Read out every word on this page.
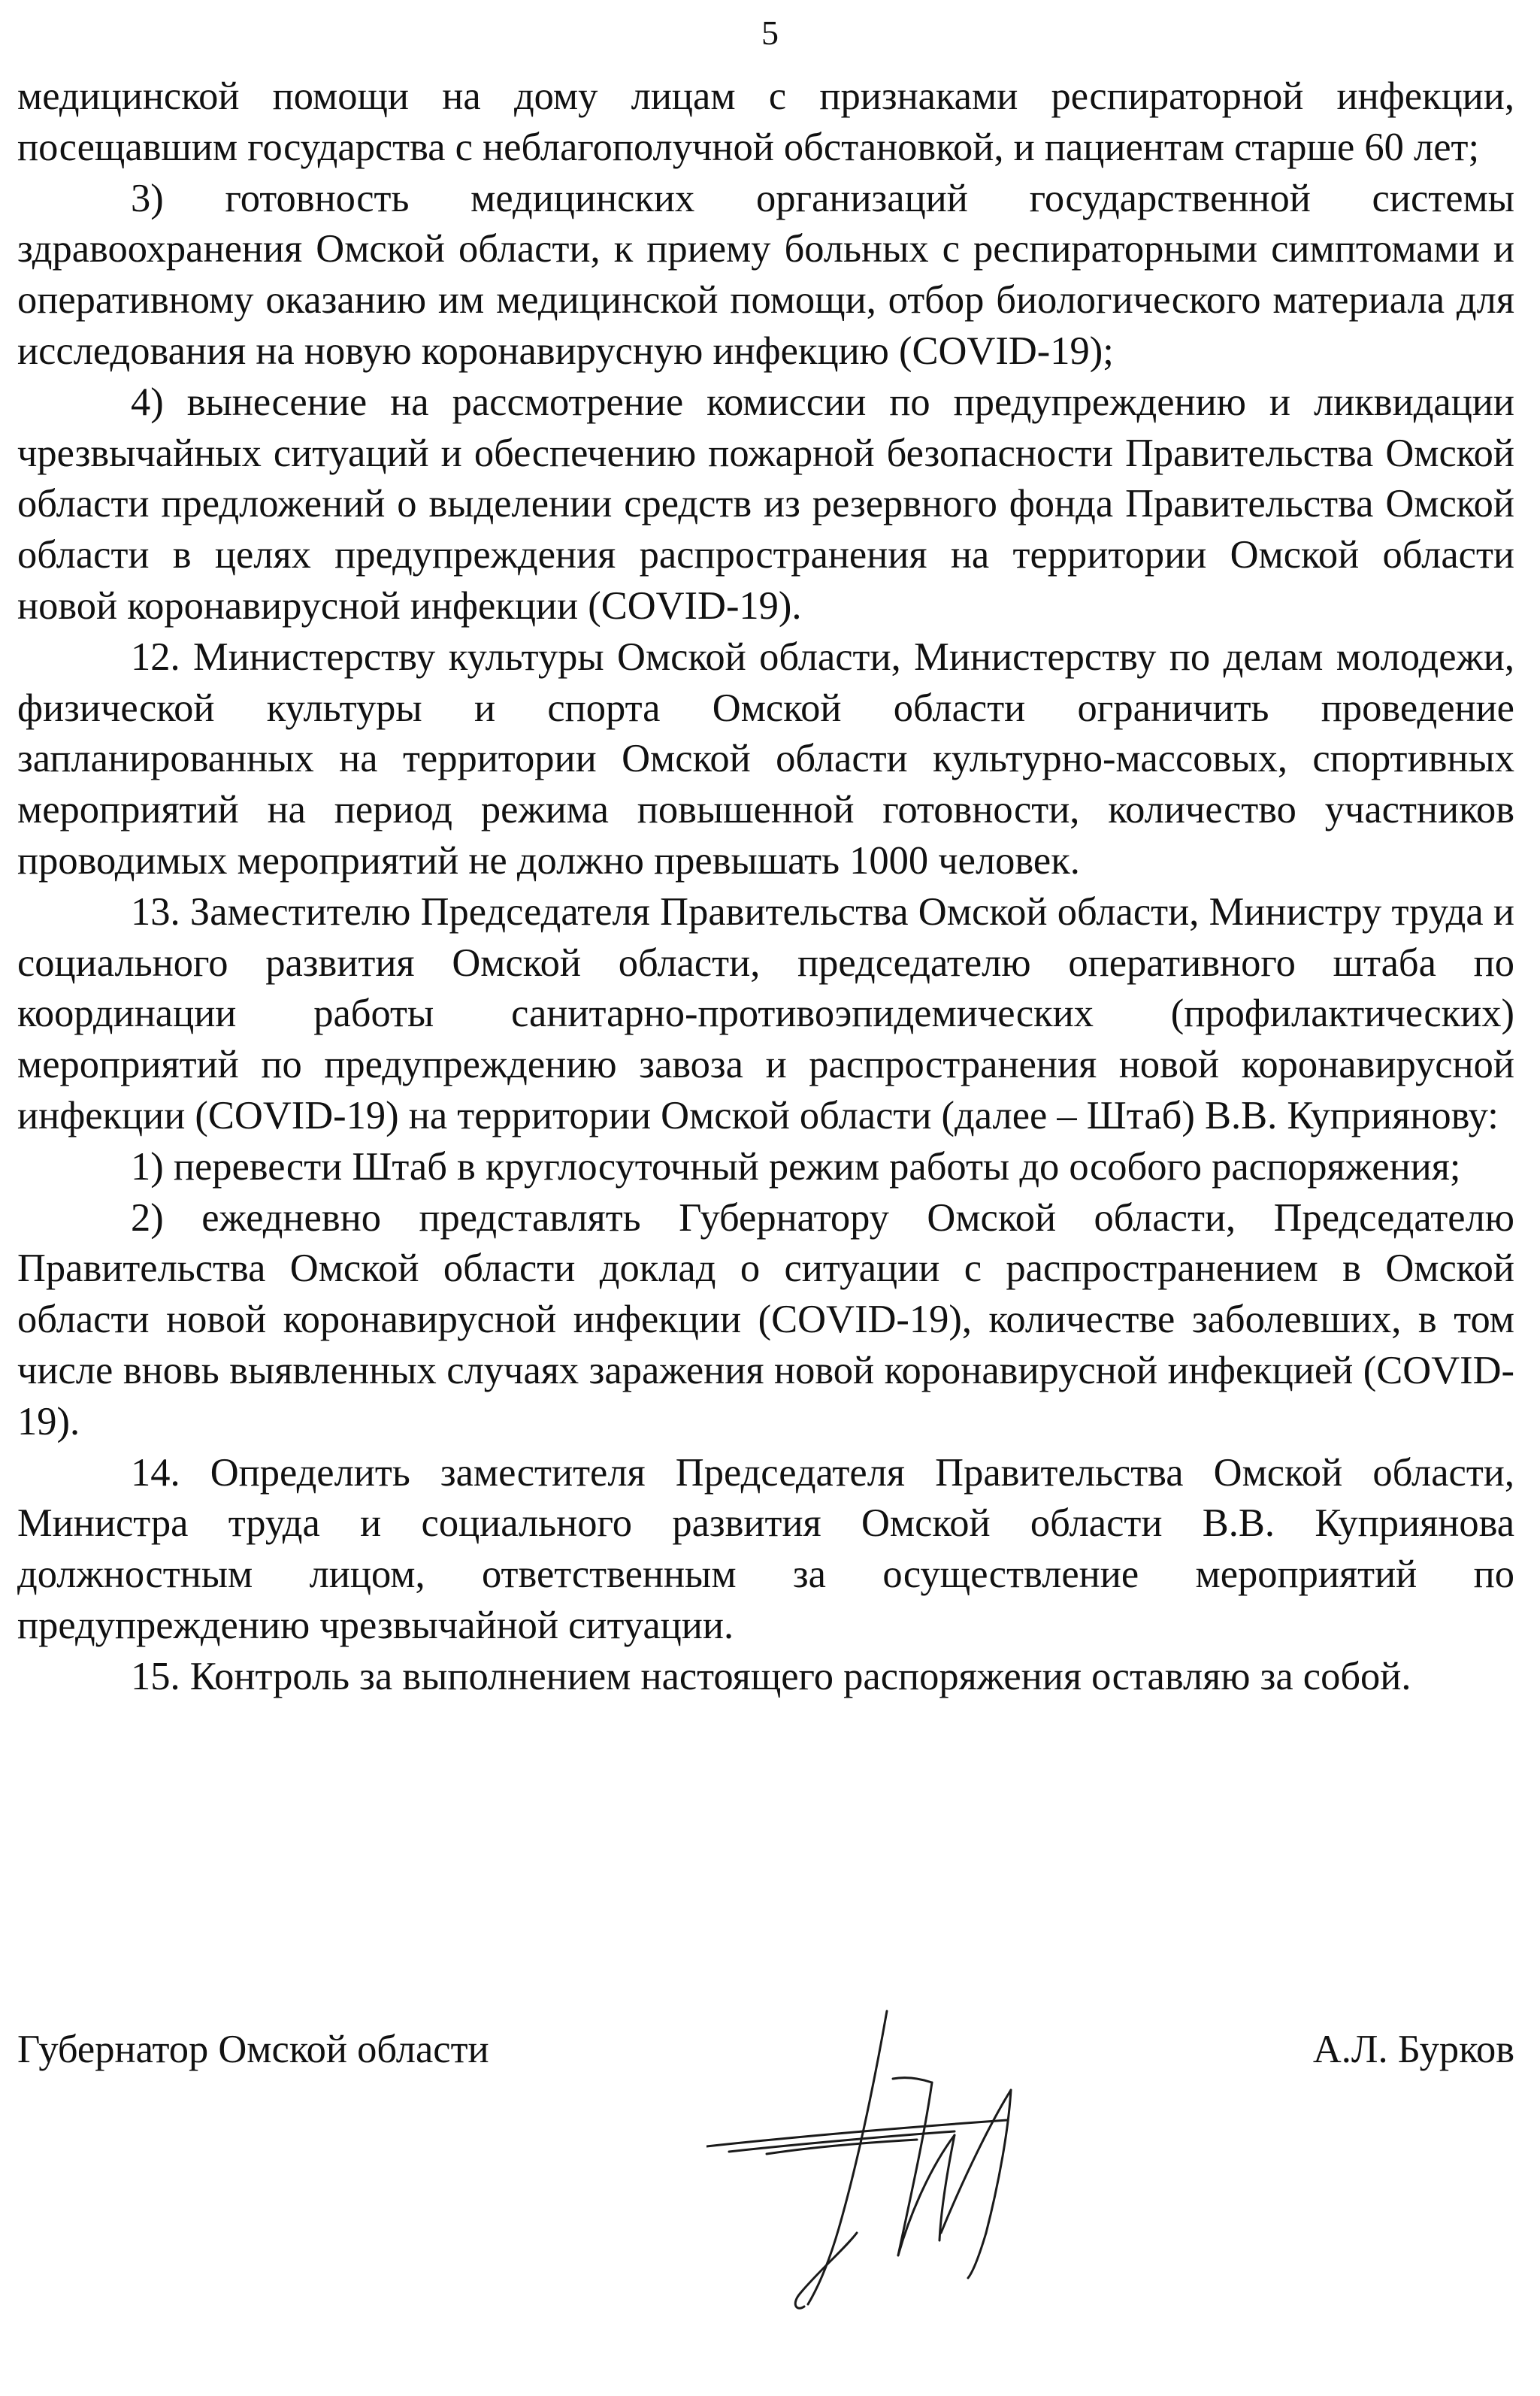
5

медицинской помощи на дому лицам с признаками респираторной инфекции, посещавшим государства с неблагополучной обстановкой, и пациентам старше 60 лет;

3) готовность медицинских организаций государственной системы здравоохранения Омской области, к приему больных с респираторными симптомами и оперативному оказанию им медицинской помощи, отбор биологического материала для исследования на новую коронавирусную инфекцию (COVID-19);

4) вынесение на рассмотрение комиссии по предупреждению и ликвидации чрезвычайных ситуаций и обеспечению пожарной безопасности Правительства Омской области предложений о выделении средств из резервного фонда Правительства Омской области в целях предупреждения распространения на территории Омской области новой коронавирусной инфекции (COVID-19).

12. Министерству культуры Омской области, Министерству по делам молодежи, физической культуры и спорта Омской области ограничить проведение запланированных на территории Омской области культурно-массовых, спортивных мероприятий на период режима повышенной готовности, количество участников проводимых мероприятий не должно превышать 1000 человек.

13. Заместителю Председателя Правительства Омской области, Министру труда и социального развития Омской области, председателю оперативного штаба по координации работы санитарно-противоэпидемических (профилактических) мероприятий по предупреждению завоза и распространения новой коронавирусной инфекции (COVID-19) на территории Омской области (далее – Штаб) В.В. Куприянову:

1) перевести Штаб в круглосуточный режим работы до особого распоряжения;

2) ежедневно представлять Губернатору Омской области, Председателю Правительства Омской области доклад о ситуации с распространением в Омской области новой коронавирусной инфекции (COVID-19), количестве заболевших, в том числе вновь выявленных случаях заражения новой коронавирусной инфекцией (COVID-19).

14. Определить заместителя Председателя Правительства Омской области, Министра труда и социального развития Омской области В.В. Куприянова должностным лицом, ответственным за осуществление мероприятий по предупреждению чрезвычайной ситуации.

15. Контроль за выполнением настоящего распоряжения оставляю за собой.

Губернатор Омской области	А.Л. Бурков
